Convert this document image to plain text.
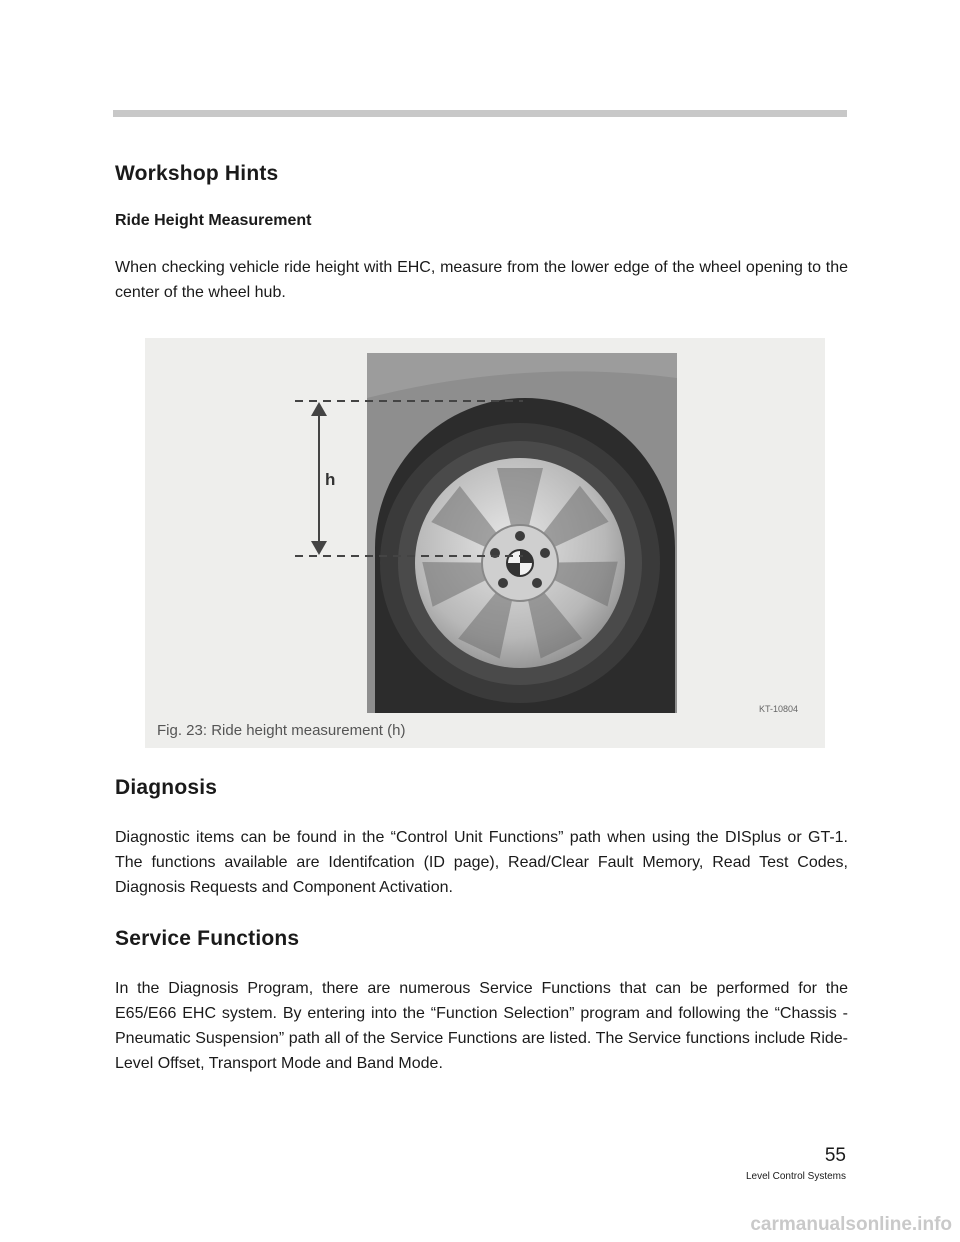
Workshop Hints
Ride Height Measurement

When checking vehicle ride height with EHC, measure from the lower edge of the wheel opening to the center of the wheel hub.

h
KT-10804
Fig. 23: Ride height measurement (h)
Diagnosis

Diagnostic items can be found in the “Control Unit Functions” path when using the DISplus or GT-1. The functions available are Identifcation (ID page), Read/Clear Fault Memory, Read Test Codes, Diagnosis Requests and Component Activation.

Service Functions

In the Diagnosis Program, there are numerous Service Functions that can be performed for the E65/E66 EHC system. By entering into the “Function Selection” program and following the “Chassis - Pneumatic Suspension” path all of the Service Functions are listed. The Service functions include Ride-Level Offset, Transport Mode and Band Mode.

55
Level Control Systems
carmanualsonline.info
